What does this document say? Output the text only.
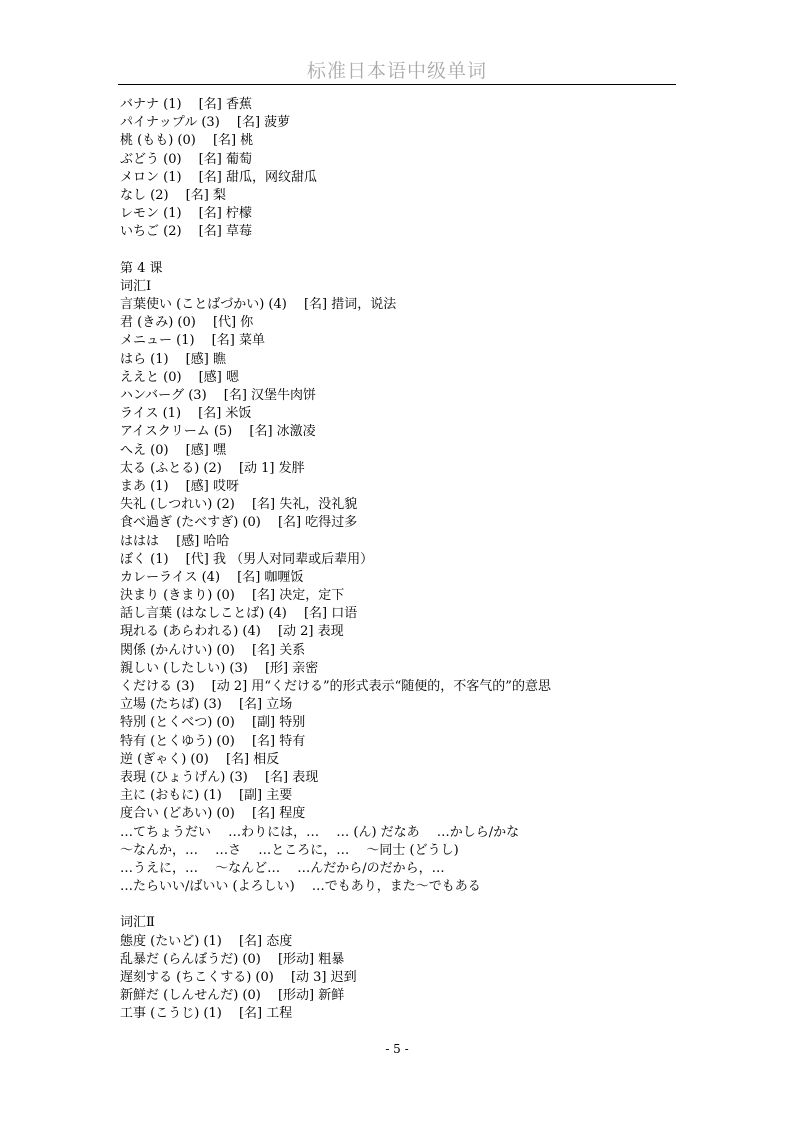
标准日本语中级单词
バナナ (1)　 [名] 香蕉
パイナップル (3)　 [名] 菠萝
桃 (もも) (0)　 [名] 桃
ぶどう (0)　 [名] 葡萄
メロン (1)　 [名] 甜瓜，网纹甜瓜
なし (2)　 [名] 梨
レモン (1)　 [名] 柠檬
いちご (2)　 [名] 草莓
第 4 课
词汇Ⅰ
言葉使い (ことばづかい) (4)　 [名] 措词，说法
君 (きみ) (0)　 [代] 你
メニュー (1)　 [名] 菜单
はら (1)　 [感] 瞧
ええと (0)　 [感] 嗯
ハンバーグ (3)　 [名] 汉堡牛肉饼
ライス (1)　 [名] 米饭
アイスクリーム (5)　 [名] 冰激凌
へえ (0)　 [感] 嘿
太る (ふとる) (2)　 [动 1] 发胖
まあ (1)　 [感] 哎呀
失礼 (しつれい) (2)　 [名] 失礼，没礼貌
食べ過ぎ (たべすぎ) (0)　 [名] 吃得过多
ははは　 [感] 哈哈
ぼく (1)　 [代] 我 （男人对同辈或后辈用）
カレーライス (4)　 [名] 咖喱饭
決まり (きまり) (0)　 [名] 决定，定下
話し言葉 (はなしことば) (4)　 [名] 口语
現れる (あらわれる) (4)　 [动 2] 表现
関係 (かんけい) (0)　 [名] 关系
親しい (したしい) (3)　 [形] 亲密
くだける (3)　 [动 2] 用“くだける”的形式表示“随便的，不客气的”的意思
立場 (たちば) (3)　 [名] 立场
特別 (とくべつ) (0)　 [副] 特别
特有 (とくゆう) (0)　 [名] 特有
逆 (ぎゃく) (0)　 [名] 相反
表現 (ひょうげん) (3)　 [名] 表现
主に (おもに) (1)　 [副] 主要
度合い (どあい) (0)　 [名] 程度
…てちょうだい　 …わりには，…　 … (ん) だなあ　 …かしら/かな
～なんか，…　 …さ　 …ところに，…　 ～同士 (どうし)
…うえに，…　 ～なんど…　 …んだから/のだから，…
…たらいい/ばいい (よろしい)　 …でもあり，また～でもある
词汇Ⅱ
態度 (たいど) (1)　 [名] 态度
乱暴だ (らんぼうだ) (0)　 [形动] 粗暴
遅刻する (ちこくする) (0)　 [动 3] 迟到
新鮮だ (しんせんだ) (0)　 [形动] 新鲜
工事 (こうじ) (1)　 [名] 工程
- 5 -
